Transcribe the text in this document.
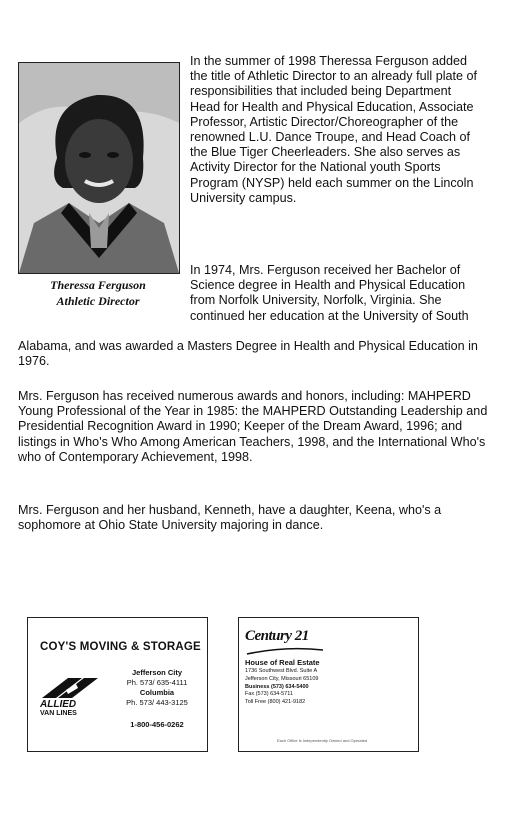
Theressa Ferguson
Athletic Director

In the summer of 1998 Theressa Ferguson added the title of Athletic Director to an already full plate of responsibilities that included being Department Head for Health and Physical Education, Associate Professor, Artistic Director/Choreographer of the renowned L.U. Dance Troupe, and Head Coach of the Blue Tiger Cheerleaders. She also serves as Activity Director for the National youth Sports Program (NYSP) held each summer on the Lincoln University campus.

In 1974, Mrs. Ferguson received her Bachelor of Science degree in Health and Physical Education from Norfolk University, Norfolk, Virginia. She continued her education at the University of South

Alabama, and was awarded a Masters Degree in Health and Physical Education in 1976.

Mrs. Ferguson has received numerous awards and honors, including: MAHPERD Young Professional of the Year in 1985: the MAHPERD Outstanding Leadership and Presidential Recognition Award in 1990; Keeper of the Dream Award, 1996; and listings in Who's Who Among American Teachers, 1998, and the International Who's who of Contemporary Achievement, 1998.

Mrs. Ferguson and her husband, Kenneth, have a daughter, Keena, who's a sophomore at Ohio State University majoring in dance.

COY'S MOVING & STORAGE
ALLIED
VAN LINES
Jefferson City
Ph. 573/ 635-4111
Columbia
Ph. 573/ 443-3125
1-800-456-0262
Century 21
House of Real Estate
1736 Southwest Blvd. Suite A
Jefferson City, Missouri 65109
Business (573) 634-5400
Fax (573) 634-5711
Toll Free (800) 421-9182
Each Office is Independently Owned and Operated
